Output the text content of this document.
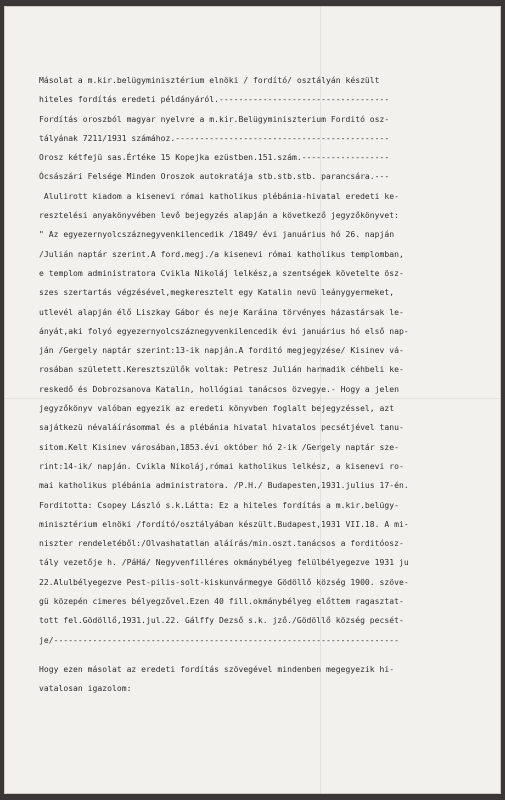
Másolat a m.kir.belügyminisztérium elnöki / fordító/ osztályán készült
hiteles fordítás eredeti példányáról.-----------------------------------
Fordítás oroszból magyar nyelvre a m.kir.Belügyminiszterium Forditó osz-
tályának 7211/1931 számához.--------------------------------------------
Orosz kétfejü sas.Értéke 15 Kopejka ezüstben.151.szám.------------------
Ócsászári Felsége Minden Oroszok autokratája stb.stb.stb. parancsára.---
Alulirott kiadom a kisenevi római katholikus plébánia-hivatal eredeti ke-
resztelési anyakönyvében levő bejegyzés alapján a következő jegyzőkönyvet:
" Az egyezernyolcszáznegyvenkilencedik /1849/ évi januárius hó 26. napján
/Julián naptár szerint.A ford.megj./a kisenevi római katholikus templomban,
e templom administratora Cvikla Nikoláj lelkész,a szentségek követelte ösz-
szes szertartás végzésével,megkeresztelt egy Katalin nevü leánygyermeket,
utlevél alapján élő Liszkay Gábor és neje Karáina törvényes házastársak le-
ányát,aki folyó egyezernyolcszáznegyvenkilencedik évi januárius hó első nap-
ján /Gergely naptár szerint:13-ik napján.A forditó megjegyzése/ Kisinev vá-
rosában született.Keresztszülők voltak: Petresz Julián harmadik céhbeli ke-
reskedő és Dobrozsanova Katalin, hollógiai tanácsos özvegye.- Hogy a jelen
jegyzőkönyv valóban egyezik az eredeti könyvben foglalt bejegyzéssel, azt
sajátkezü névaláírásommal és a plébánia hivatal hivatalos pecsétjével tanu-
sitom.Kelt Kisinev városában,1853.évi október hó 2-ik /Gergely naptár sze-
rint:14-ik/ napján. Cvikla Nikoláj,római katholikus lelkész, a kisenevi ro-
mai katholikus plébánia administratora. /P.H./ Budapesten,1931.julius 17-én.
Forditotta: Csopey László s.k.Látta: Ez a hiteles fordítás a m.kir.belügy-
minisztérium elnöki /fordító/osztályában készült.Budapest,1931 VII.18. A mi-
niszter rendeletéből:/Olvashatatlan aláírás/min.oszt.tanácsos a forditóosz-
tály vezetője h. /PáHá/ Negyvenfilléres okmánybélyeg felülbélyegezve 1931 ju
22.Alulbélyegezve Pest-pilis-solt-kiskunvármegye Gödöllő község 1900. szöve-
gü közepén cimeres bélyegzővel.Ezen 40 fill.okmánybélyeg előttem ragasztat-
tott fel.Gödöllő,1931.jul.22. Gálffy Dezső s.k. jző./Gödöllő község pecsét-
je/-----------------------------------------------------------------------
Hogy ezen másolat az eredeti fordítás szövegével mindenben megegyezik hi-
vatalosan igazolom:
